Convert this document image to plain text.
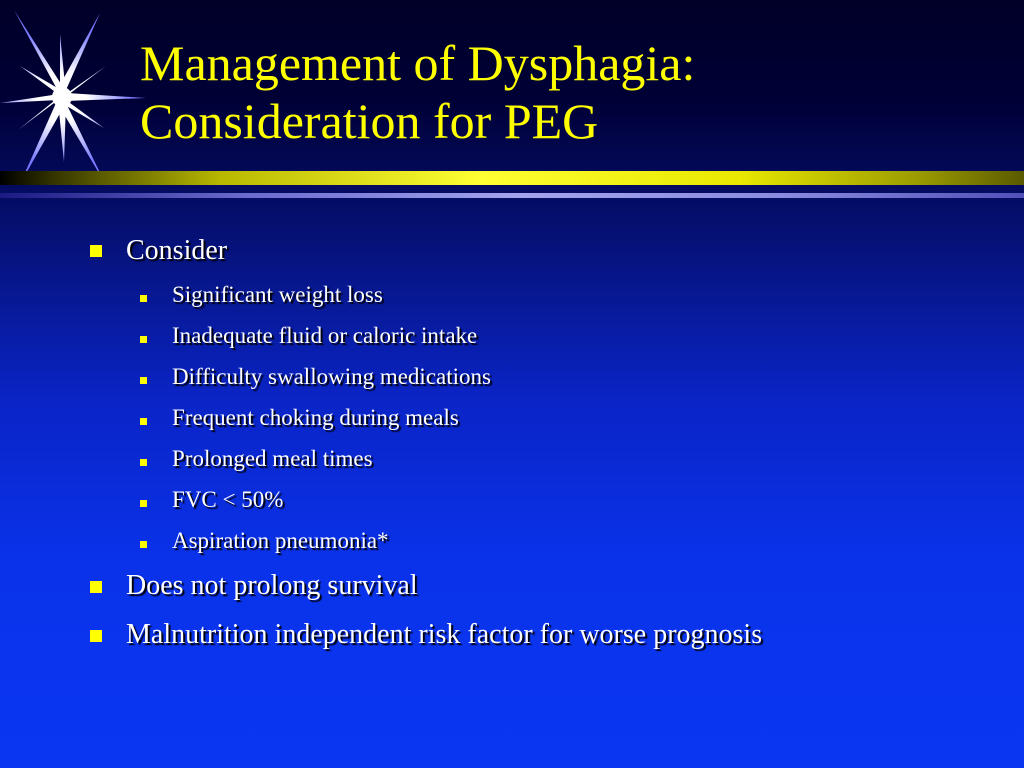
Management of Dysphagia:
Consideration for PEG
Consider
Significant weight loss
Inadequate fluid or caloric intake
Difficulty swallowing medications
Frequent choking during meals
Prolonged meal times
FVC < 50%
Aspiration pneumonia*
Does not prolong survival
Malnutrition independent risk factor for worse prognosis
